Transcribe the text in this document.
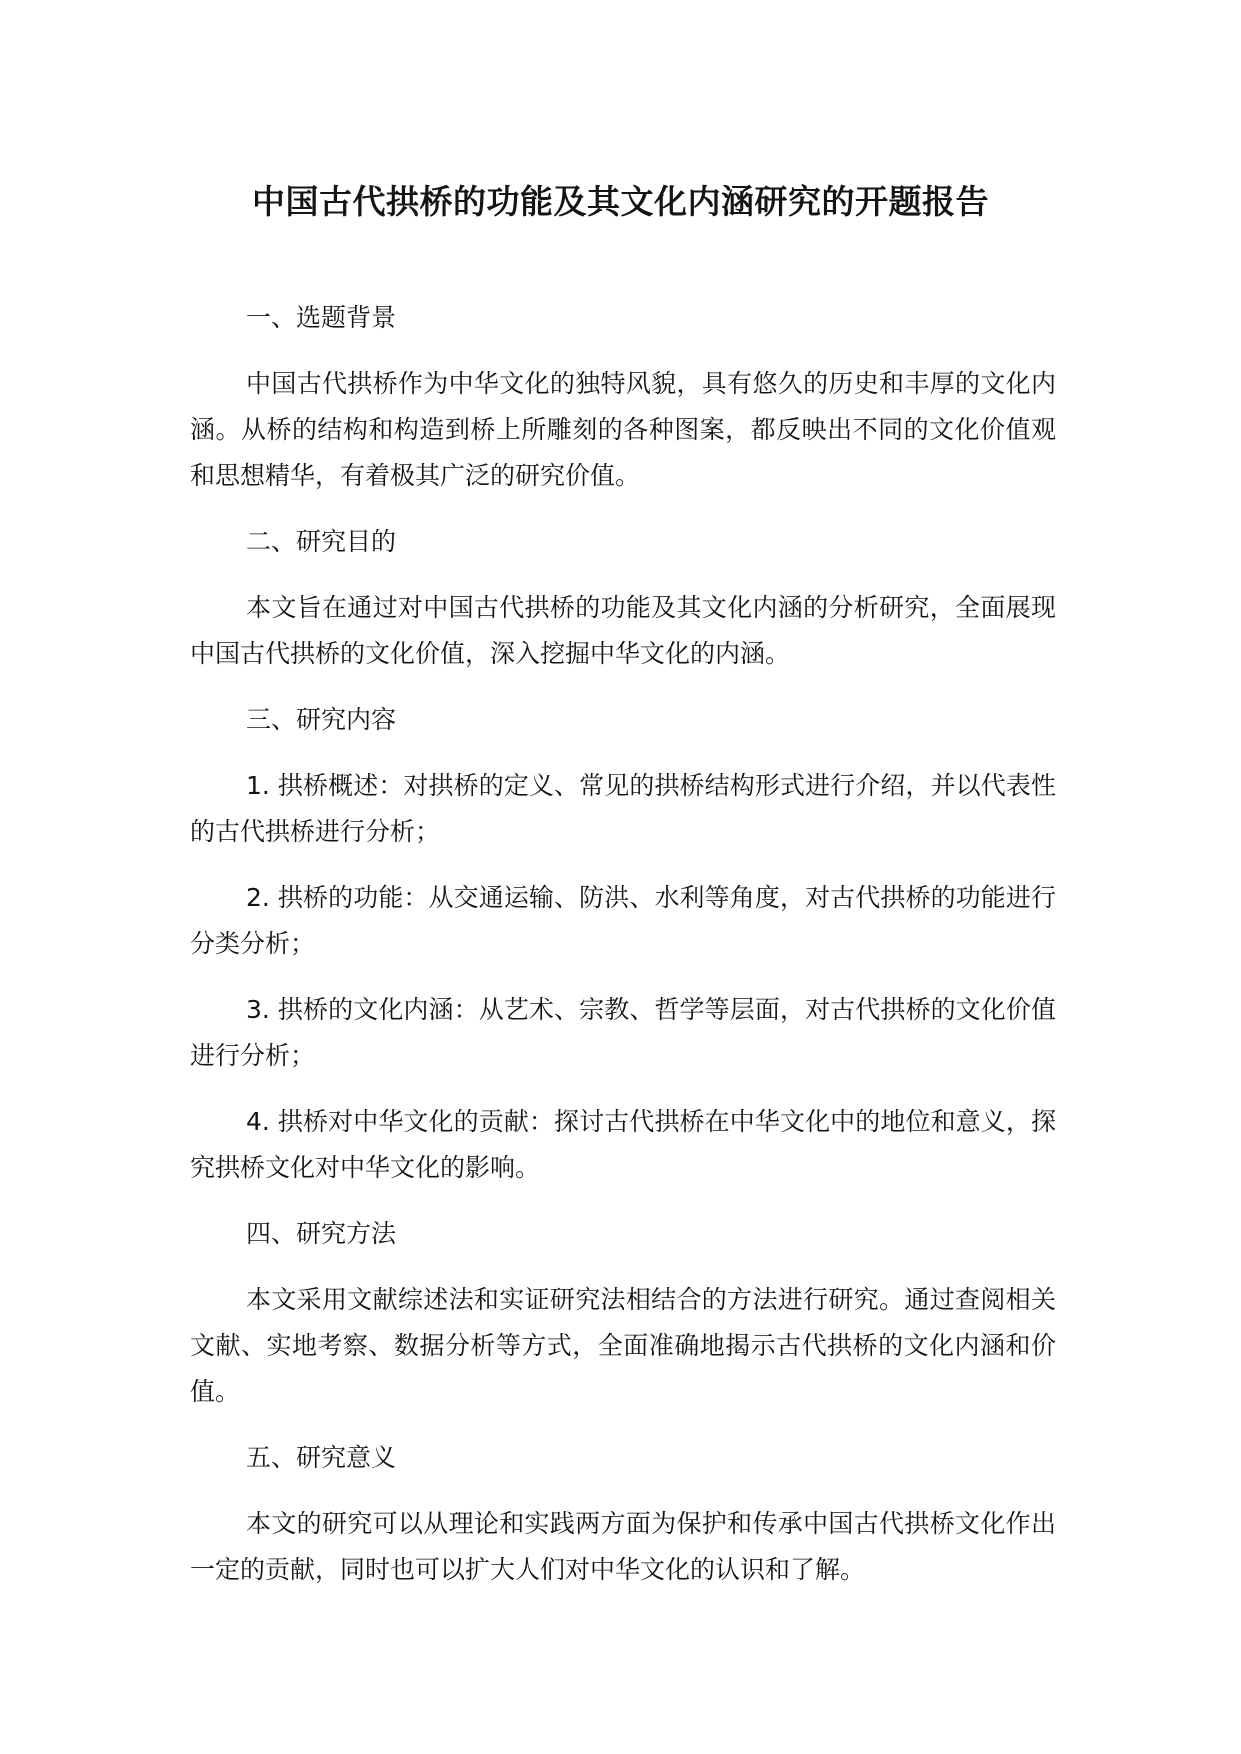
中国古代拱桥的功能及其文化内涵研究的开题报告

一、选题背景

中国古代拱桥作为中华文化的独特风貌，具有悠久的历史和丰厚的文化内涵。从桥的结构和构造到桥上所雕刻的各种图案，都反映出不同的文化价值观和思想精华，有着极其广泛的研究价值。

二、研究目的

本文旨在通过对中国古代拱桥的功能及其文化内涵的分析研究，全面展现中国古代拱桥的文化价值，深入挖掘中华文化的内涵。

三、研究内容

1. 拱桥概述：对拱桥的定义、常见的拱桥结构形式进行介绍，并以代表性的古代拱桥进行分析；

2. 拱桥的功能：从交通运输、防洪、水利等角度，对古代拱桥的功能进行分类分析；

3. 拱桥的文化内涵：从艺术、宗教、哲学等层面，对古代拱桥的文化价值进行分析；

4. 拱桥对中华文化的贡献：探讨古代拱桥在中华文化中的地位和意义，探究拱桥文化对中华文化的影响。

四、研究方法

本文采用文献综述法和实证研究法相结合的方法进行研究。通过查阅相关文献、实地考察、数据分析等方式，全面准确地揭示古代拱桥的文化内涵和价值。

五、研究意义

本文的研究可以从理论和实践两方面为保护和传承中国古代拱桥文化作出一定的贡献，同时也可以扩大人们对中华文化的认识和了解。
